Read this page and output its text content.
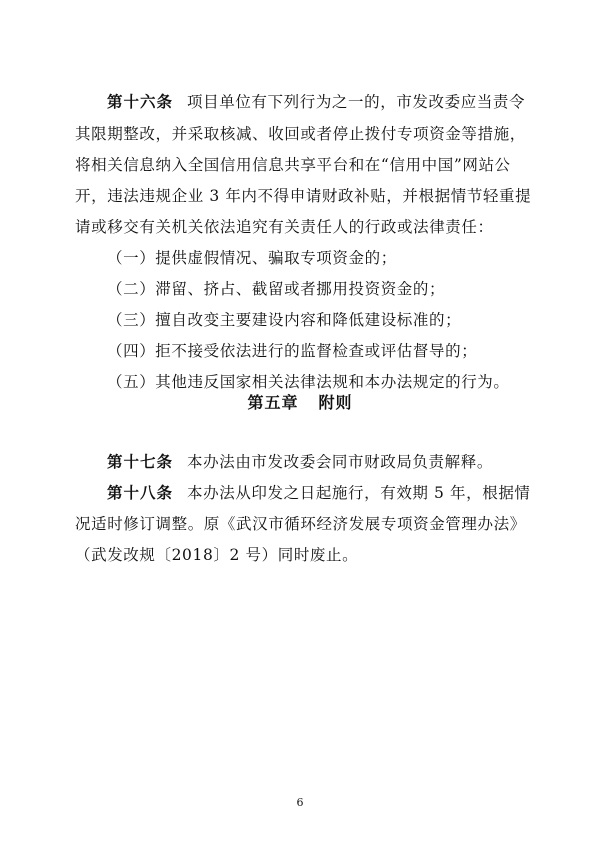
第十六条 项目单位有下列行为之一的，市发改委应当责令
其限期整改，并采取核减、收回或者停止拨付专项资金等措施，
将相关信息纳入全国信用信息共享平台和在“信用中国”网站公
开，违法违规企业 3 年内不得申请财政补贴，并根据情节轻重提
请或移交有关机关依法追究有关责任人的行政或法律责任：
（一）提供虚假情况、骗取专项资金的；
（二）滞留、挤占、截留或者挪用投资资金的；
（三）擅自改变主要建设内容和降低建设标准的；
（四）拒不接受依法进行的监督检查或评估督导的；
（五）其他违反国家相关法律法规和本办法规定的行为。
第五章 附则
第十七条 本办法由市发改委会同市财政局负责解释。
第十八条 本办法从印发之日起施行，有效期 5 年，根据情
况适时修订调整。原《武汉市循环经济发展专项资金管理办法》
（武发改规〔2018〕2 号）同时废止。
6
